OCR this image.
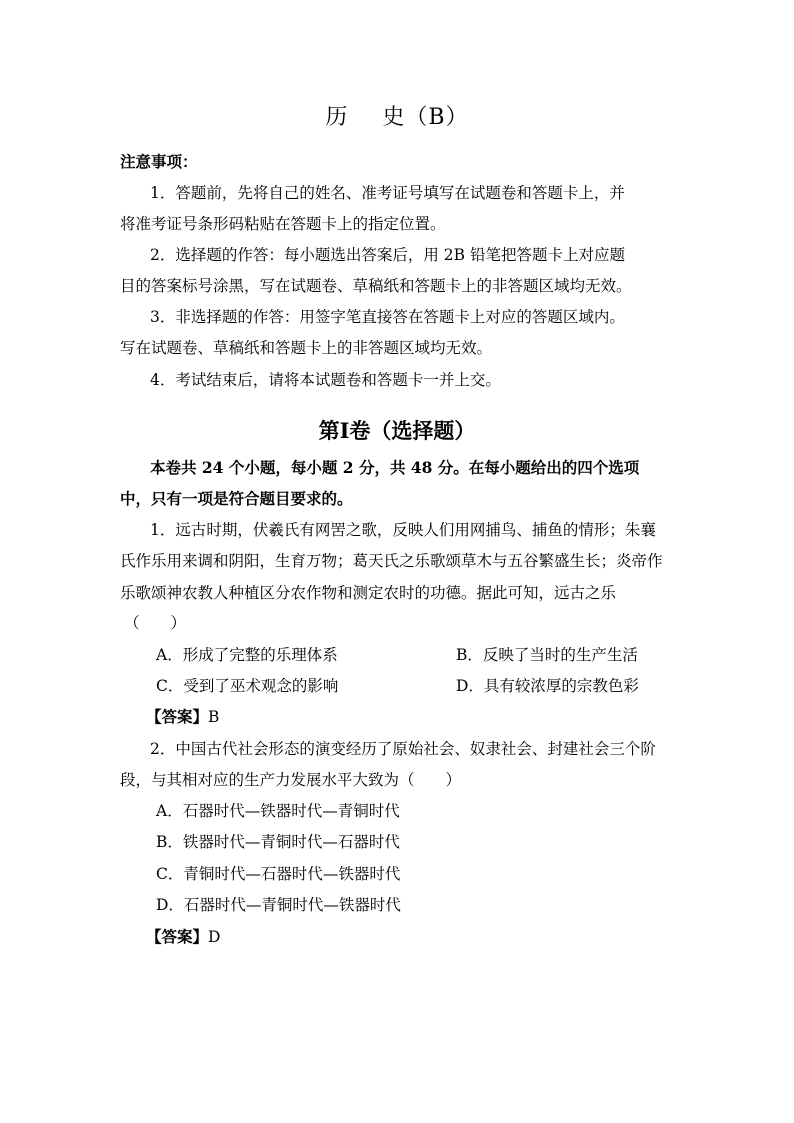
历 史（B）
注意事项：
1．答题前，先将自己的姓名、准考证号填写在试题卷和答题卡上，并
将准考证号条形码粘贴在答题卡上的指定位置。
2．选择题的作答：每小题选出答案后，用 2B 铅笔把答题卡上对应题
目的答案标号涂黑，写在试题卷、草稿纸和答题卡上的非答题区域均无效。
3．非选择题的作答：用签字笔直接答在答题卡上对应的答题区域内。
写在试题卷、草稿纸和答题卡上的非答题区域均无效。
4．考试结束后，请将本试题卷和答题卡一并上交。
第Ⅰ卷（选择题）
本卷共 24 个小题，每小题 2 分，共 48 分。在每小题给出的四个选项
中，只有一项是符合题目要求的。
1．远古时期，伏羲氏有网罟之歌，反映人们用网捕鸟、捕鱼的情形；朱襄
氏作乐用来调和阴阳，生育万物；葛天氏之乐歌颂草木与五谷繁盛生长；炎帝作
乐歌颂神农教人种植区分农作物和测定农时的功德。据此可知，远古之乐
（　　）
A．形成了完整的乐理体系	B．反映了当时的生产生活
C．受到了巫术观念的影响	D．具有较浓厚的宗教色彩
【答案】B
2．中国古代社会形态的演变经历了原始社会、奴隶社会、封建社会三个阶
段，与其相对应的生产力发展水平大致为（　　）
A．石器时代—铁器时代—青铜时代
B．铁器时代—青铜时代—石器时代
C．青铜时代—石器时代—铁器时代
D．石器时代—青铜时代—铁器时代
【答案】D
